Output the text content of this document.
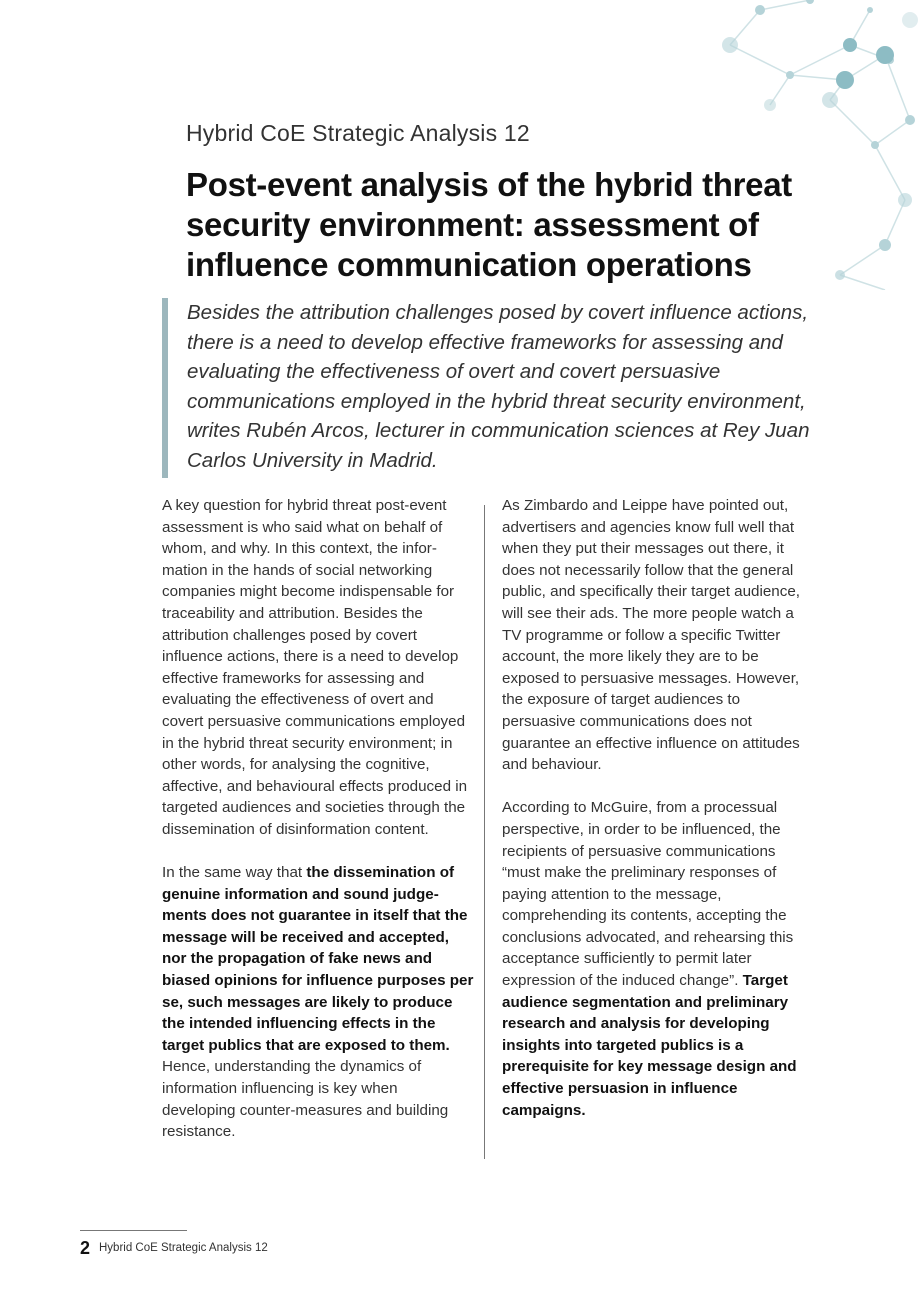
Hybrid CoE Strategic Analysis 12

Post-event analysis of the hybrid threat security environment: assessment of influence communication operations

Besides the attribution challenges posed by covert influence actions, there is a need to develop effective frameworks for assessing and evaluating the effectiveness of overt and covert persuasive communications employed in the hybrid threat security environment, writes Rubén Arcos, lecturer in communication sciences at Rey Juan Carlos University in Madrid.

A key question for hybrid threat post-event assessment is who said what on behalf of whom, and why. In this context, the information in the hands of social networking companies might become indispensable for traceability and attribution. Besides the attribution challenges posed by covert influence actions, there is a need to develop effective frameworks for assessing and evaluating the effectiveness of overt and covert persuasive communications employed in the hybrid threat security environment; in other words, for analysing the cognitive, affective, and behavioural effects produced in targeted audiences and societies through the dissemination of disinformation content.

In the same way that the dissemination of genuine information and sound judgements does not guarantee in itself that the message will be received and accepted, nor the propagation of fake news and biased opinions for influence purposes per se, such messages are likely to produce the intended influencing effects in the target publics that are exposed to them. Hence, understanding the dynamics of information influencing is key when developing counter-measures and building resistance.

As Zimbardo and Leippe have pointed out, advertisers and agencies know full well that when they put their messages out there, it does not necessarily follow that the general public, and specifically their target audience, will see their ads. The more people watch a TV programme or follow a specific Twitter account, the more likely they are to be exposed to persuasive messages. However, the exposure of target audiences to persuasive communications does not guarantee an effective influence on attitudes and behaviour.

According to McGuire, from a processual perspective, in order to be influenced, the recipients of persuasive communications “must make the preliminary responses of paying attention to the message, comprehending its contents, accepting the conclusions advocated, and rehearsing this acceptance sufficiently to permit later expression of the induced change”. Target audience segmentation and preliminary research and analysis for developing insights into targeted publics is a prerequisite for key message design and effective persuasion in influence campaigns.

2 Hybrid CoE Strategic Analysis 12
